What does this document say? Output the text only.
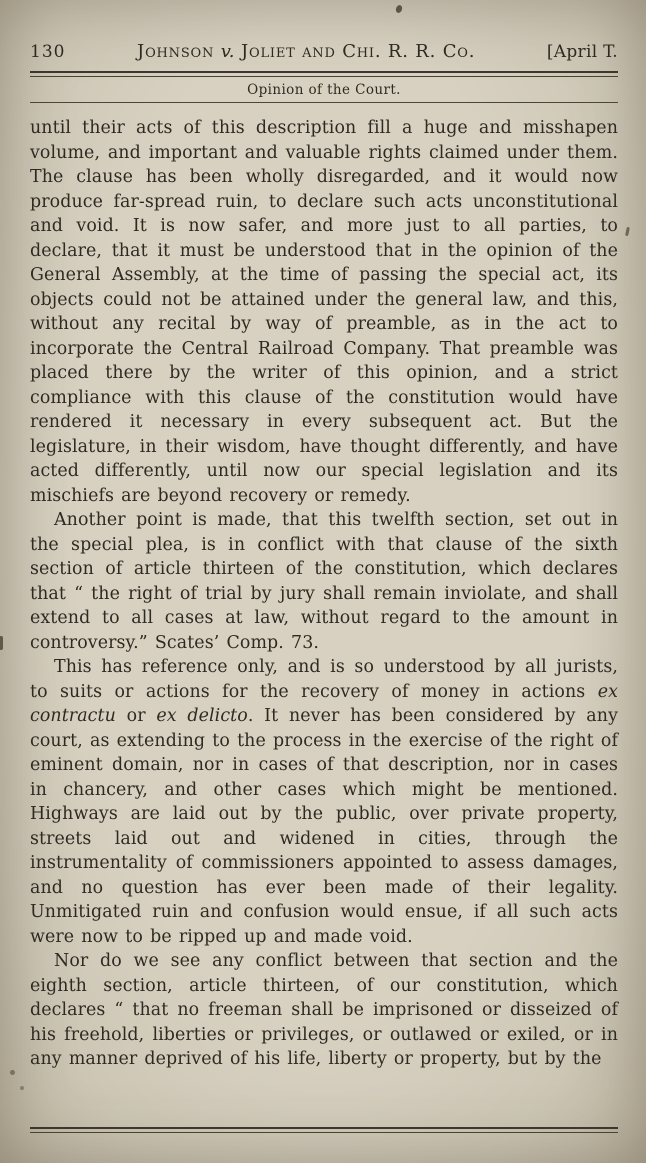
130	Johnson v. Joliet and Chi. R. R. Co.	[April T.
Opinion of the Court.

until their acts of this description fill a huge and misshapen volume, and important and valuable rights claimed under them. The clause has been wholly disregarded, and it would now produce far-spread ruin, to declare such acts unconstitutional and void. It is now safer, and more just to all parties, to declare, that it must be understood that in the opinion of the General Assembly, at the time of passing the special act, its objects could not be attained under the general law, and this, without any recital by way of preamble, as in the act to incorporate the Central Railroad Company. That preamble was placed there by the writer of this opinion, and a strict compliance with this clause of the constitution would have rendered it necessary in every subsequent act. But the legislature, in their wisdom, have thought differently, and have acted differently, until now our special legislation and its mischiefs are beyond recovery or remedy.

Another point is made, that this twelfth section, set out in the special plea, is in conflict with that clause of the sixth section of article thirteen of the constitution, which declares that “ the right of trial by jury shall remain inviolate, and shall extend to all cases at law, without regard to the amount in controversy.” Scates’ Comp. 73.

This has reference only, and is so understood by all jurists, to suits or actions for the recovery of money in actions ex contractu or ex delicto. It never has been considered by any court, as extending to the process in the exercise of the right of eminent domain, nor in cases of that description, nor in cases in chancery, and other cases which might be mentioned. Highways are laid out by the public, over private property, streets laid out and widened in cities, through the instrumentality of commissioners appointed to assess damages, and no question has ever been made of their legality. Unmitigated ruin and confusion would ensue, if all such acts were now to be ripped up and made void.

Nor do we see any conflict between that section and the eighth section, article thirteen, of our constitution, which declares “ that no freeman shall be imprisoned or disseized of his freehold, liberties or privileges, or outlawed or exiled, or in any manner deprived of his life, liberty or property, but by the
